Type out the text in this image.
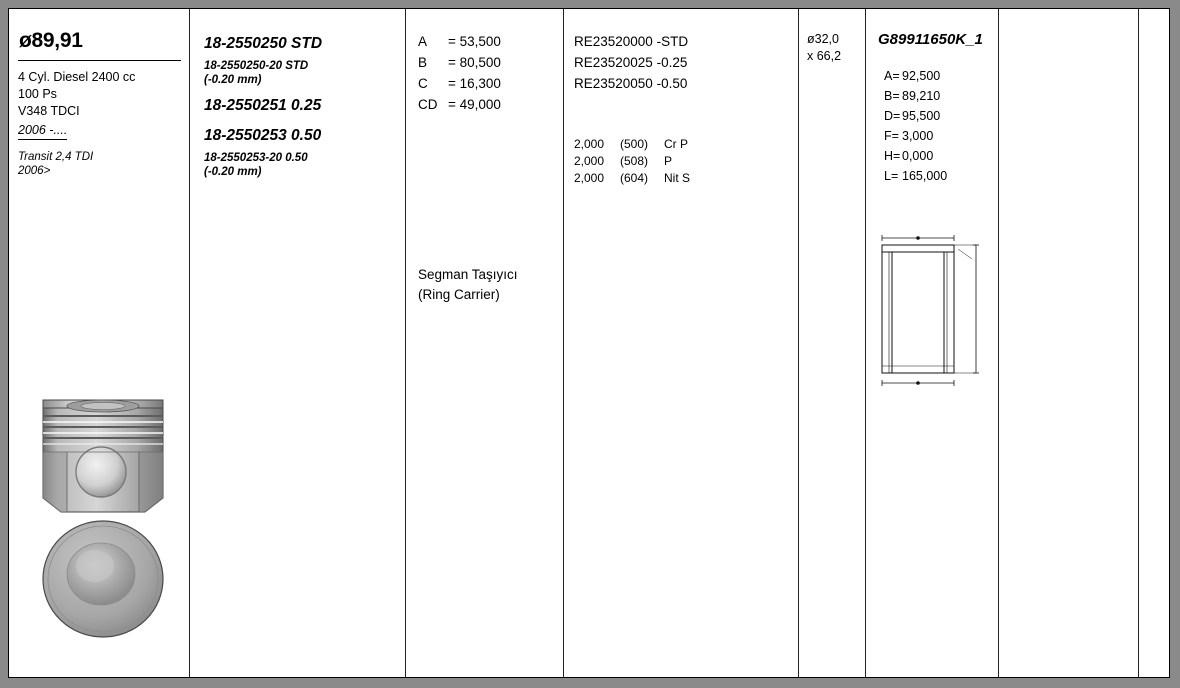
ø89,91
4 Cyl. Diesel 2400 cc
100 Ps
V348 TDCI
2006 -....
Transit 2,4 TDI
2006>
18-2550250 STD
18-2550250-20 STD
(-0.20 mm)
18-2550251 0.25
18-2550253 0.50
18-2550253-20 0.50
(-0.20 mm)
A = 53,500
B = 80,500
C = 16,300
CD = 49,000
Segman Taşıyıcı
(Ring Carrier)
RE23520000 -STD
RE23520025 -0.25
RE23520050 -0.50
2,000 (500) Cr P
2,000 (508) P
2,000 (604) Nit S
ø32,0
x 66,2
G89911650K_1
A= 92,500
B= 89,210
D= 95,500
F= 3,000
H= 0,000
L= 165,000
